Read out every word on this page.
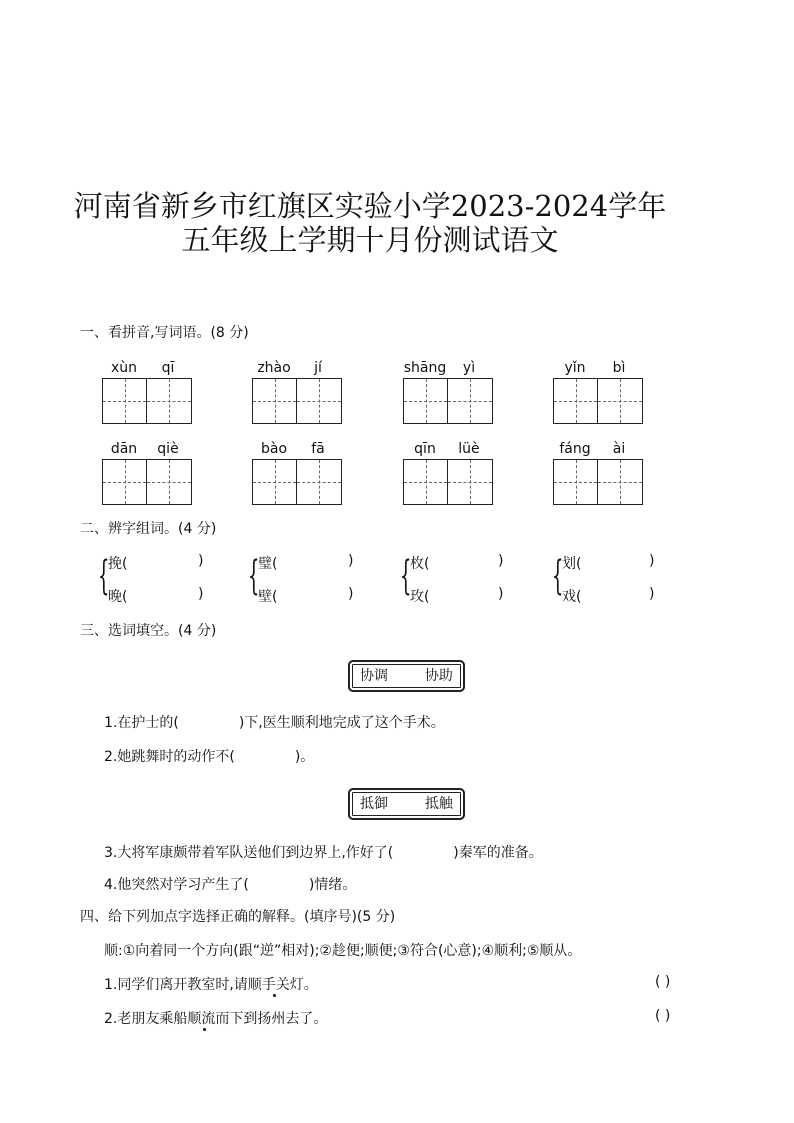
河南省新乡市红旗区实验小学2023-2024学年
五年级上学期十月份测试语文
一、看拼音,写词语。(8 分)
xùn	qī	zhào	jí	shāng	yì	yǐn	bì
dān	qiè	bào	fā	qīn	lüè	fáng	ài
二、辨字组词。(4 分)
{
挽(	)
晚(	) {
璧(	)
壁(	) {
枚(	)
玫(	) {
划(	)
戏(	)
三、选词填空。(4 分)
协调	协助
1.在护士的(	)下,医生顺利地完成了这个手术。
2.她跳舞时的动作不(	)。
抵御	抵触
3.大将军康颇带着军队送他们到边界上,作好了(	)秦军的准备。
4.他突然对学习产生了(	)情绪。
四、给下列加点字选择正确的解释。(填序号)(5 分)
顺:①向着同一个方向(跟“逆”相对);②趁便;顺便;③符合(心意);④顺利;⑤顺从。
1.同学们离开教室时,请顺手关灯。	( )
2.老朋友乘船顺流而下到扬州去了。	( )
